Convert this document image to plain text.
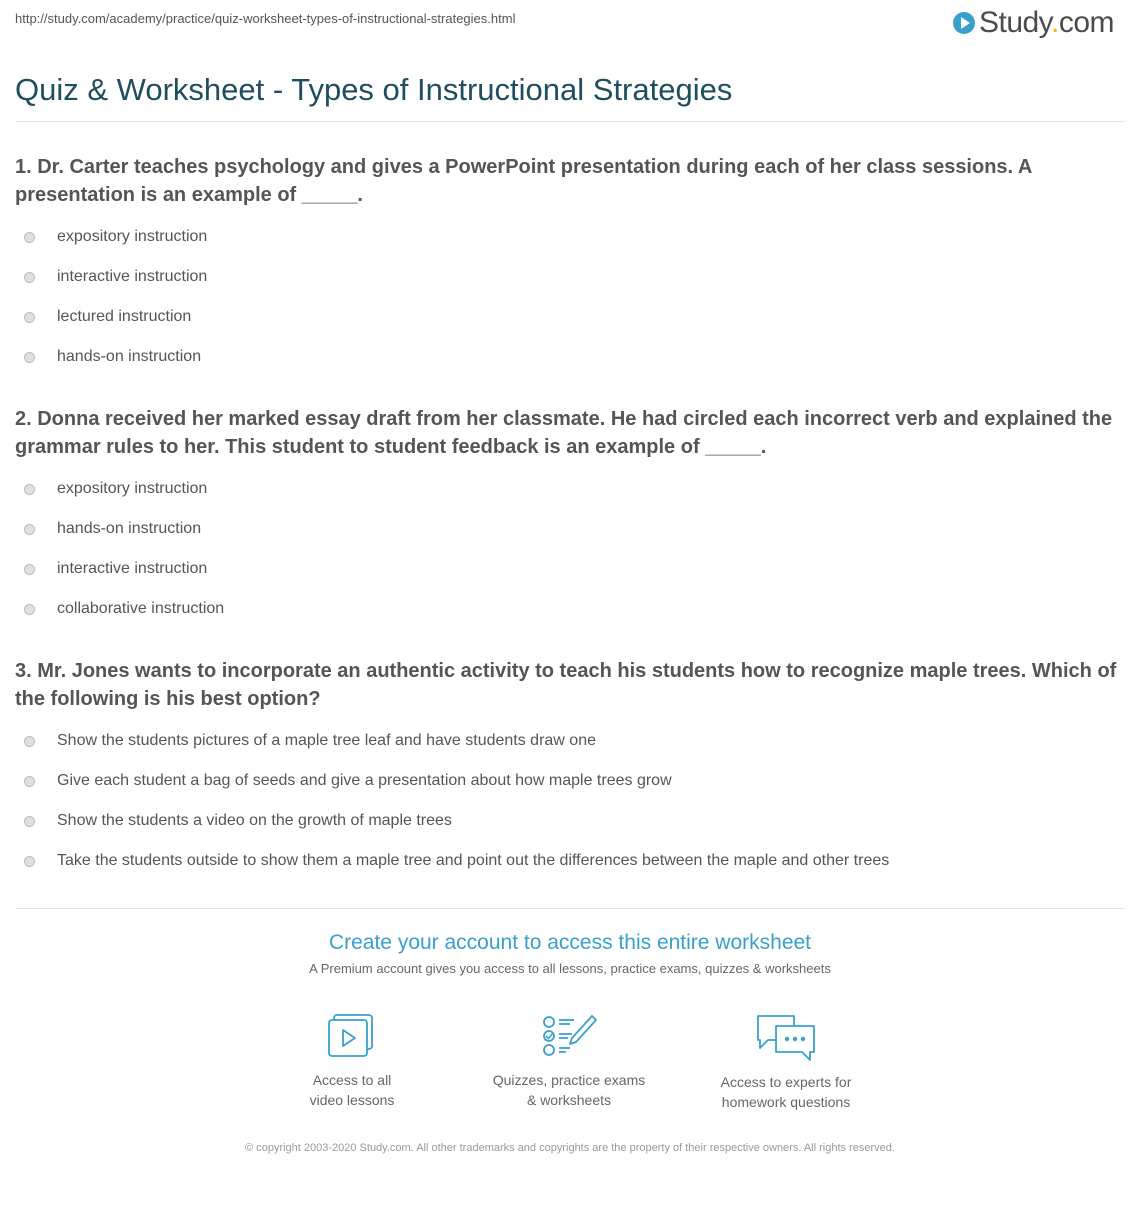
http://study.com/academy/practice/quiz-worksheet-types-of-instructional-strategies.html	Study.com
Quiz & Worksheet - Types of Instructional Strategies

1. Dr. Carter teaches psychology and gives a PowerPoint presentation during each of her class sessions. A presentation is an example of _____.

expository instruction
interactive instruction
lectured instruction
hands-on instruction

2. Donna received her marked essay draft from her classmate. He had circled each incorrect verb and explained the grammar rules to her. This student to student feedback is an example of _____.

expository instruction
hands-on instruction
interactive instruction
collaborative instruction

3. Mr. Jones wants to incorporate an authentic activity to teach his students how to recognize maple trees. Which of the following is his best option?

Show the students pictures of a maple tree leaf and have students draw one
Give each student a bag of seeds and give a presentation about how maple trees grow
Show the students a video on the growth of maple trees
Take the students outside to show them a maple tree and point out the differences between the maple and other trees
Create your account to access this entire worksheet
A Premium account gives you access to all lessons, practice exams, quizzes & worksheets
Access to all
video lessons
Quizzes, practice exams
& worksheets
Access to experts for
homework questions
© copyright 2003-2020 Study.com. All other trademarks and copyrights are the property of their respective owners. All rights reserved.
